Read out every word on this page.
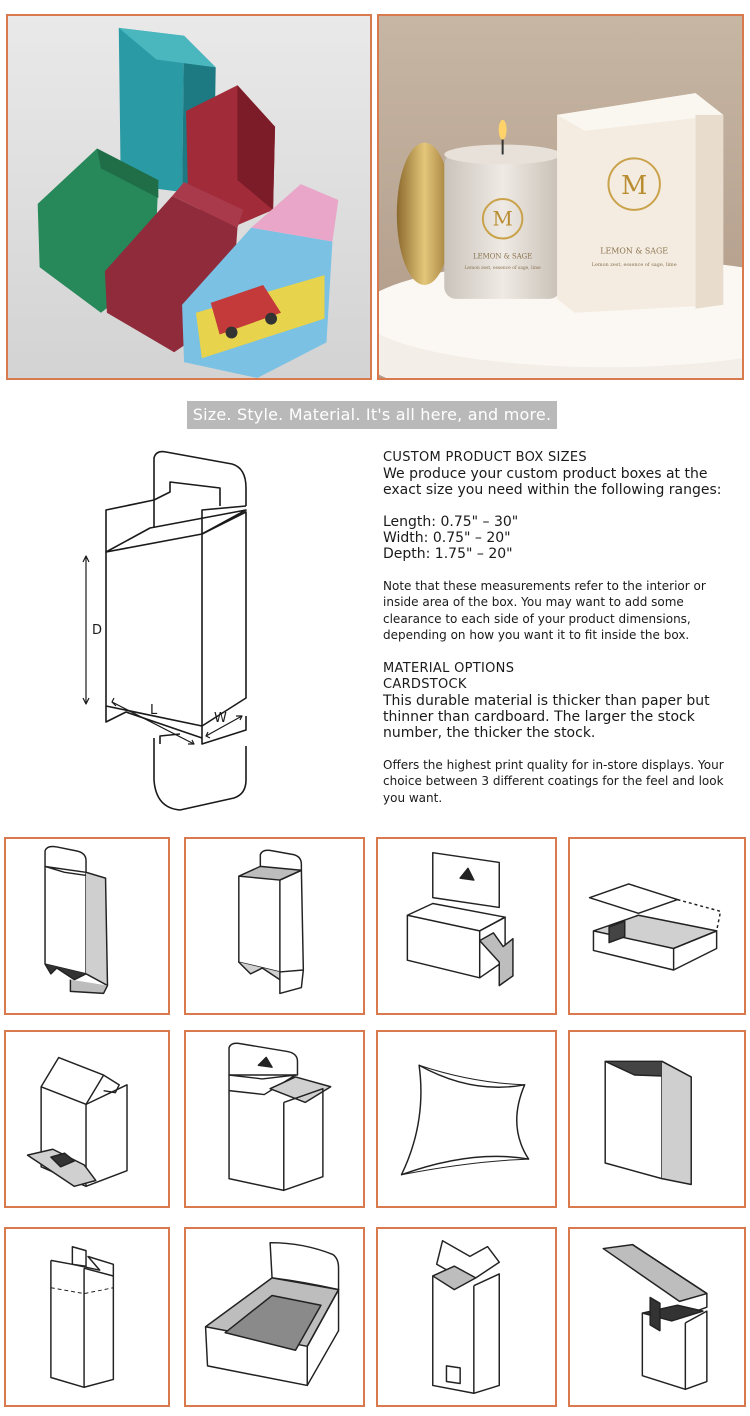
M
LEMON & SAGE
Lemon zest, essence of sage, lime
M
LEMON & SAGE
Lemon zest, essence of sage, lime
Size. Style. Material. It's all here, and more.
D
L
W
CUSTOM PRODUCT BOX SIZES
We produce your custom product boxes at the exact size you need within the following ranges:
Length: 0.75" – 30"
Width: 0.75" – 20"
Depth: 1.75" – 20"
Note that these measurements refer to the interior or inside area of the box. You may want to add some clearance to each side of your product dimensions, depending on how you want it to fit inside the box.
MATERIAL OPTIONS
CARDSTOCK
This durable material is thicker than paper but thinner than cardboard. The larger the stock number, the thicker the stock.
Offers the highest print quality for in-store displays. Your choice between 3 different coatings for the feel and look you want.
